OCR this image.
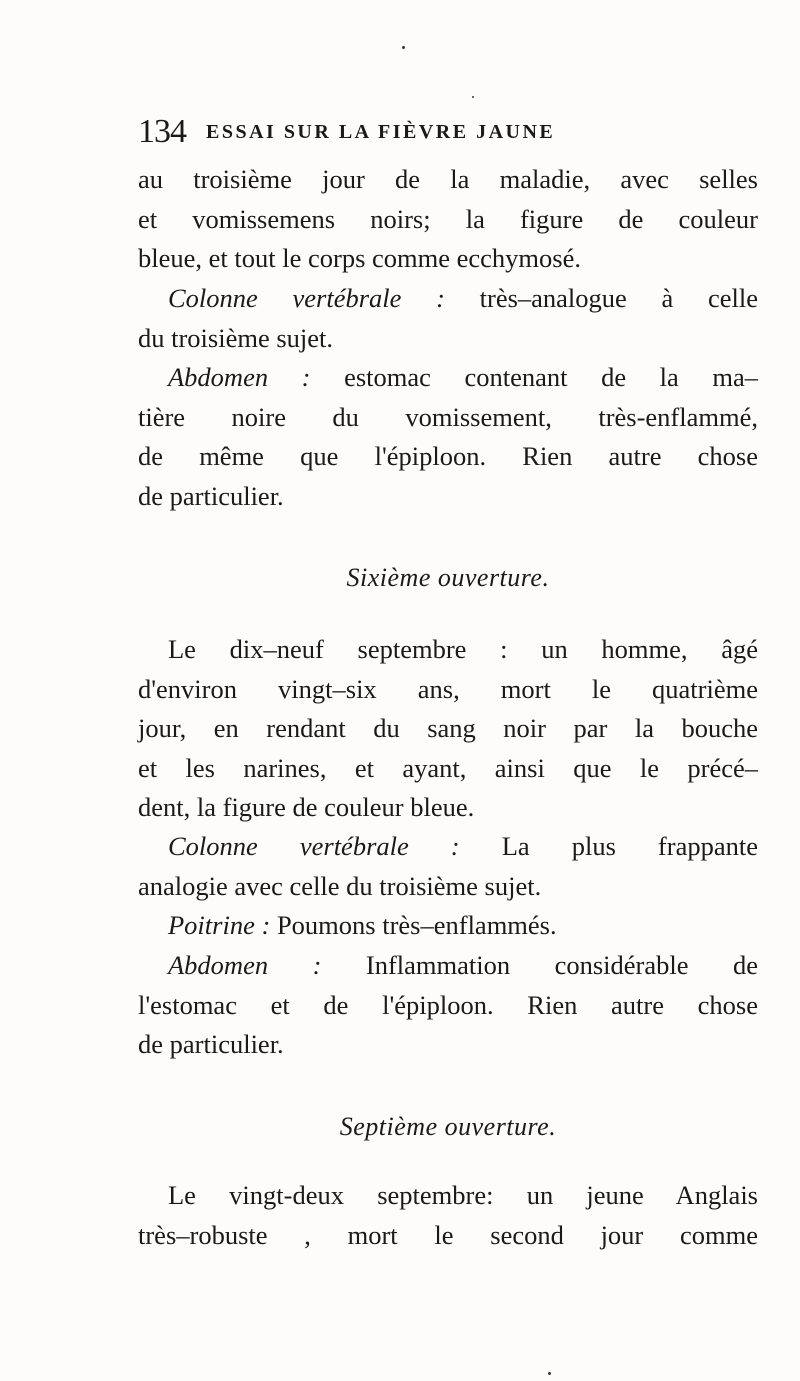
134 ESSAI SUR LA FIÈVRE JAUNE
au troisième jour de la maladie, avec selles
et vomissemens noirs; la figure de couleur
bleue, et tout le corps comme ecchymosé.
Colonne vertébrale : très–analogue à celle
du troisième sujet.
Abdomen : estomac contenant de la ma–
tière noire du vomissement, très-enflammé,
de même que l'épiploon. Rien autre chose
de particulier.
Sixième ouverture.
Le dix–neuf septembre : un homme, âgé
d'environ vingt–six ans, mort le quatrième
jour, en rendant du sang noir par la bouche
et les narines, et ayant, ainsi que le précé–
dent, la figure de couleur bleue.
Colonne vertébrale : La plus frappante
analogie avec celle du troisième sujet.
Poitrine : Poumons très–enflammés.
Abdomen : Inflammation considérable de
l'estomac et de l'épiploon. Rien autre chose
de particulier.
Septième ouverture.
Le vingt-deux septembre: un jeune Anglais
très–robuste , mort le second jour comme
